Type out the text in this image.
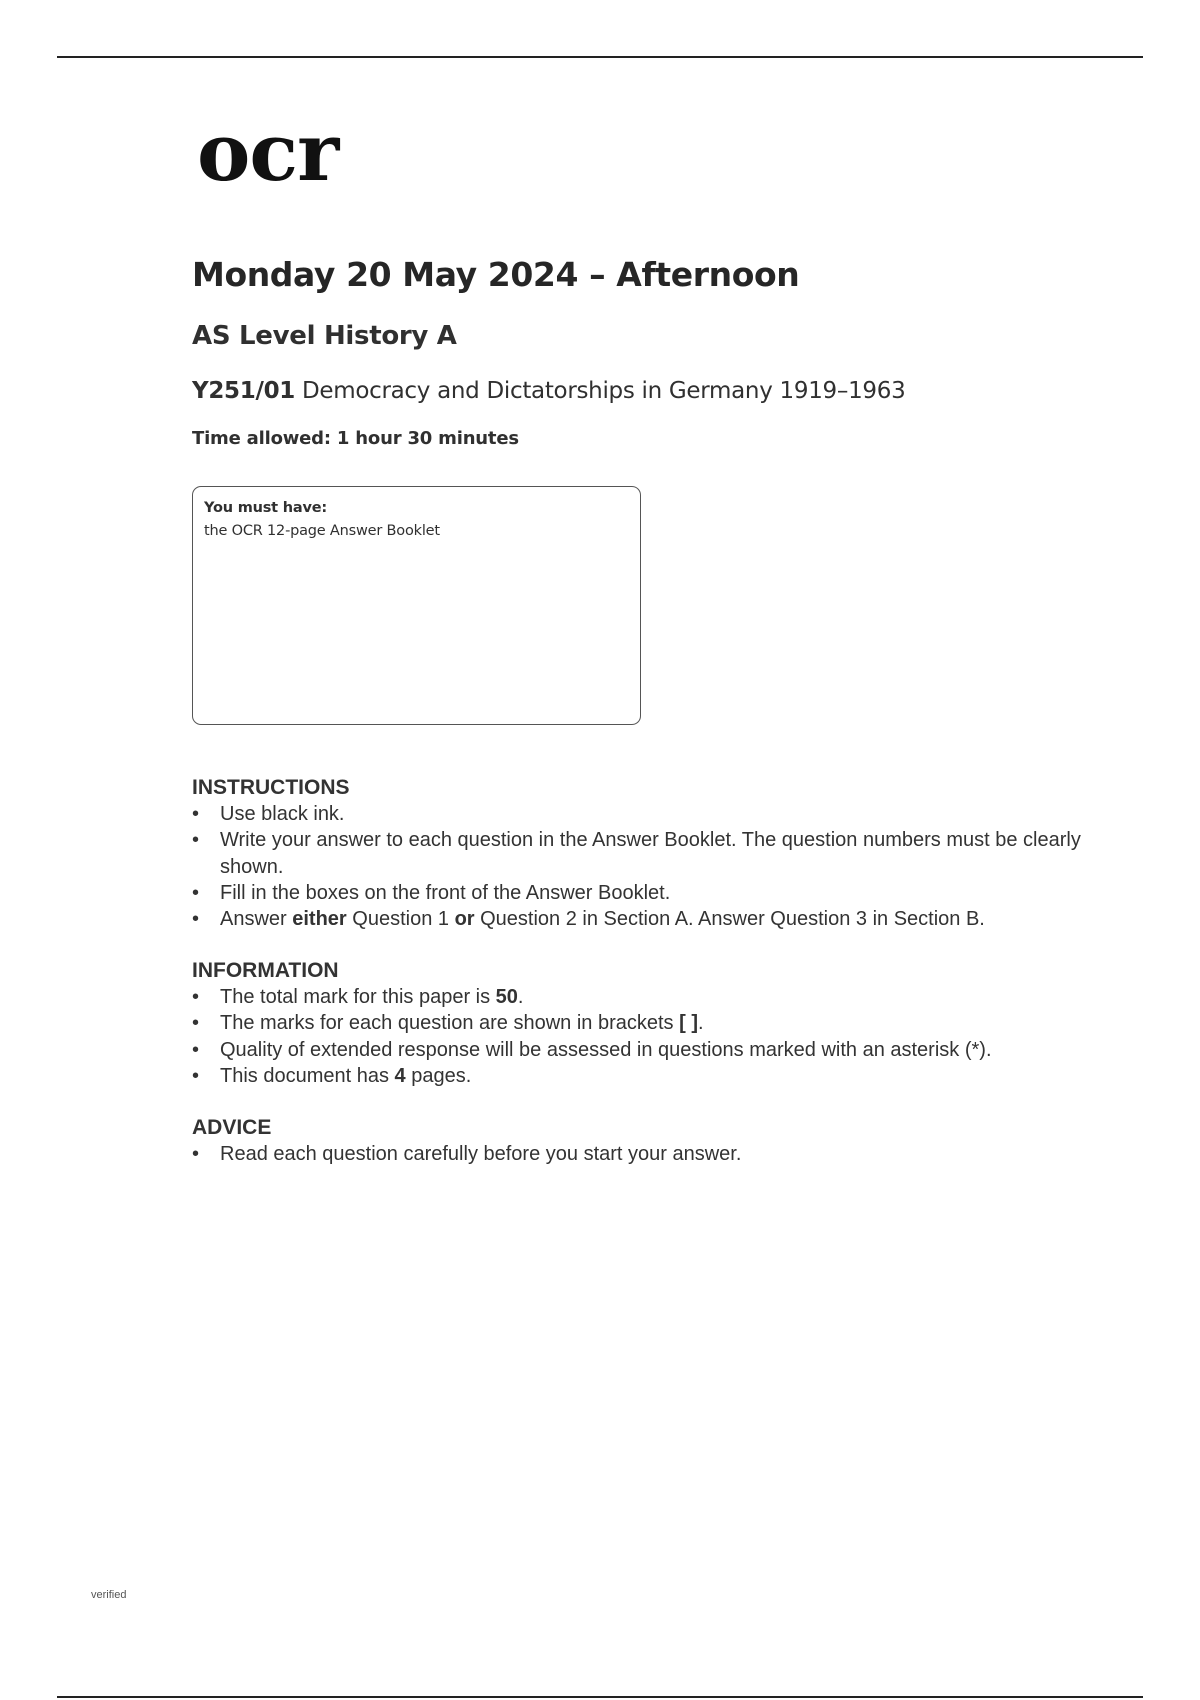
ocr
Monday 20 May 2024 – Afternoon
AS Level History A
Y251/01 Democracy and Dictatorships in Germany 1919–1963
Time allowed: 1 hour 30 minutes
You must have:
the OCR 12-page Answer Booklet
INSTRUCTIONS
•	Use black ink.
•	Write your answer to each question in the Answer Booklet. The question numbers must be clearly shown.
•	Fill in the boxes on the front of the Answer Booklet.
•	Answer either Question 1 or Question 2 in Section A. Answer Question 3 in Section B.
INFORMATION
•	The total mark for this paper is 50.
•	The marks for each question are shown in brackets [ ].
•	Quality of extended response will be assessed in questions marked with an asterisk (*).
•	This document has 4 pages.
ADVICE
•	Read each question carefully before you start your answer.
verified
